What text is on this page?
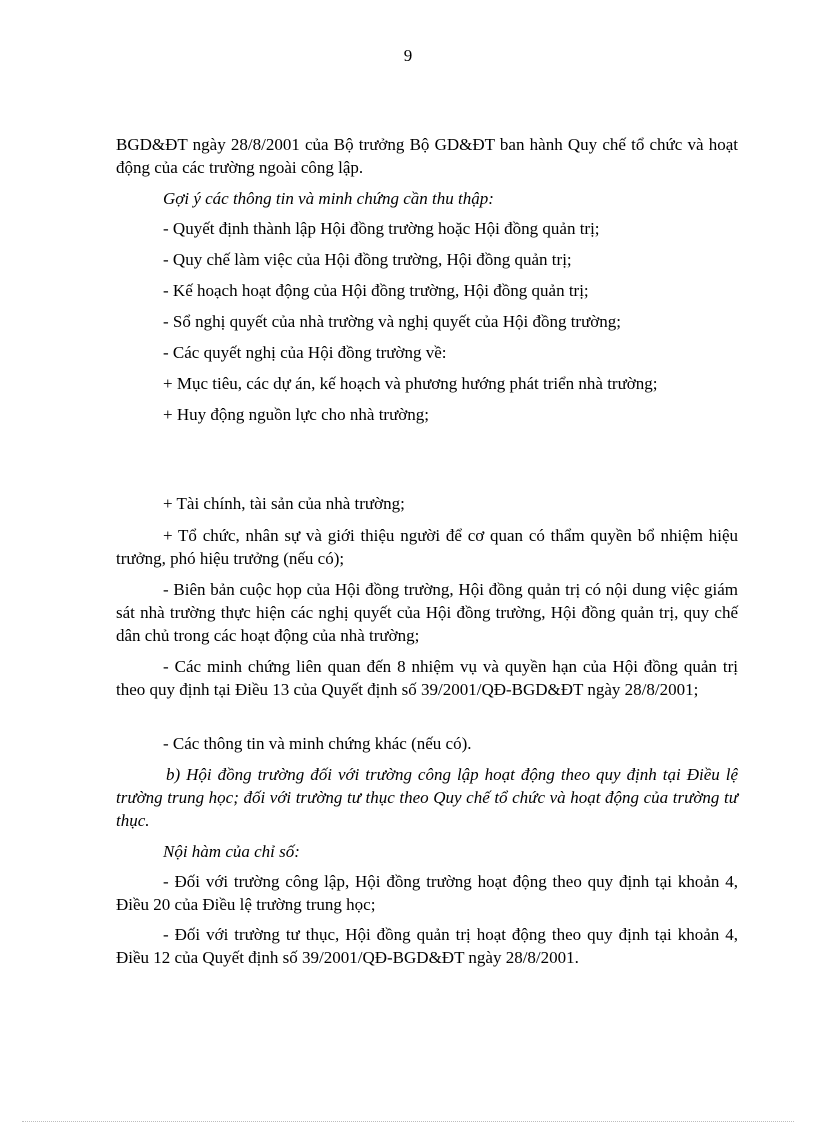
9
BGD&ĐT ngày 28/8/2001 của Bộ trưởng Bộ GD&ĐT ban hành Quy chế tổ chức và hoạt động của các trường ngoài công lập.
Gợi ý các thông tin và minh chứng cần thu thập:
- Quyết định thành lập Hội đồng trường hoặc Hội đồng quản trị;
- Quy chế làm việc của Hội đồng trường, Hội đồng quản trị;
- Kế hoạch hoạt động của Hội đồng trường, Hội đồng quản trị;
- Sổ nghị quyết của nhà trường và nghị quyết của Hội đồng trường;
- Các quyết nghị của Hội đồng trường về:
+ Mục tiêu, các dự án, kế hoạch và phương hướng phát triển nhà trường;
+ Huy động nguồn lực cho nhà trường;
+ Tài chính, tài sản của nhà trường;
+ Tổ chức, nhân sự và giới thiệu người để cơ quan có thẩm quyền bổ nhiệm hiệu trưởng, phó hiệu trưởng (nếu có);
- Biên bản cuộc họp của Hội đồng trường, Hội đồng quản trị có nội dung việc giám sát nhà trường thực hiện các nghị quyết của Hội đồng trường, Hội đồng quản trị, quy chế dân chủ trong các hoạt động của nhà trường;
- Các minh chứng liên quan đến 8 nhiệm vụ và quyền hạn của Hội đồng quản trị theo quy định tại Điều 13 của Quyết định số 39/2001/QĐ-BGD&ĐT ngày 28/8/2001;
- Các thông tin và minh chứng khác (nếu có).
b) Hội đồng trường đối với trường công lập hoạt động theo quy định tại Điều lệ trường trung học; đối với trường tư thục theo Quy chế tổ chức và hoạt động của trường tư thục.
Nội hàm của chỉ số:
- Đối với trường công lập, Hội đồng trường hoạt động theo quy định tại khoản 4, Điều 20 của Điều lệ trường trung học;
- Đối với trường tư thục, Hội đồng quản trị hoạt động theo quy định tại khoản 4, Điều 12 của Quyết định số 39/2001/QĐ-BGD&ĐT ngày 28/8/2001.
